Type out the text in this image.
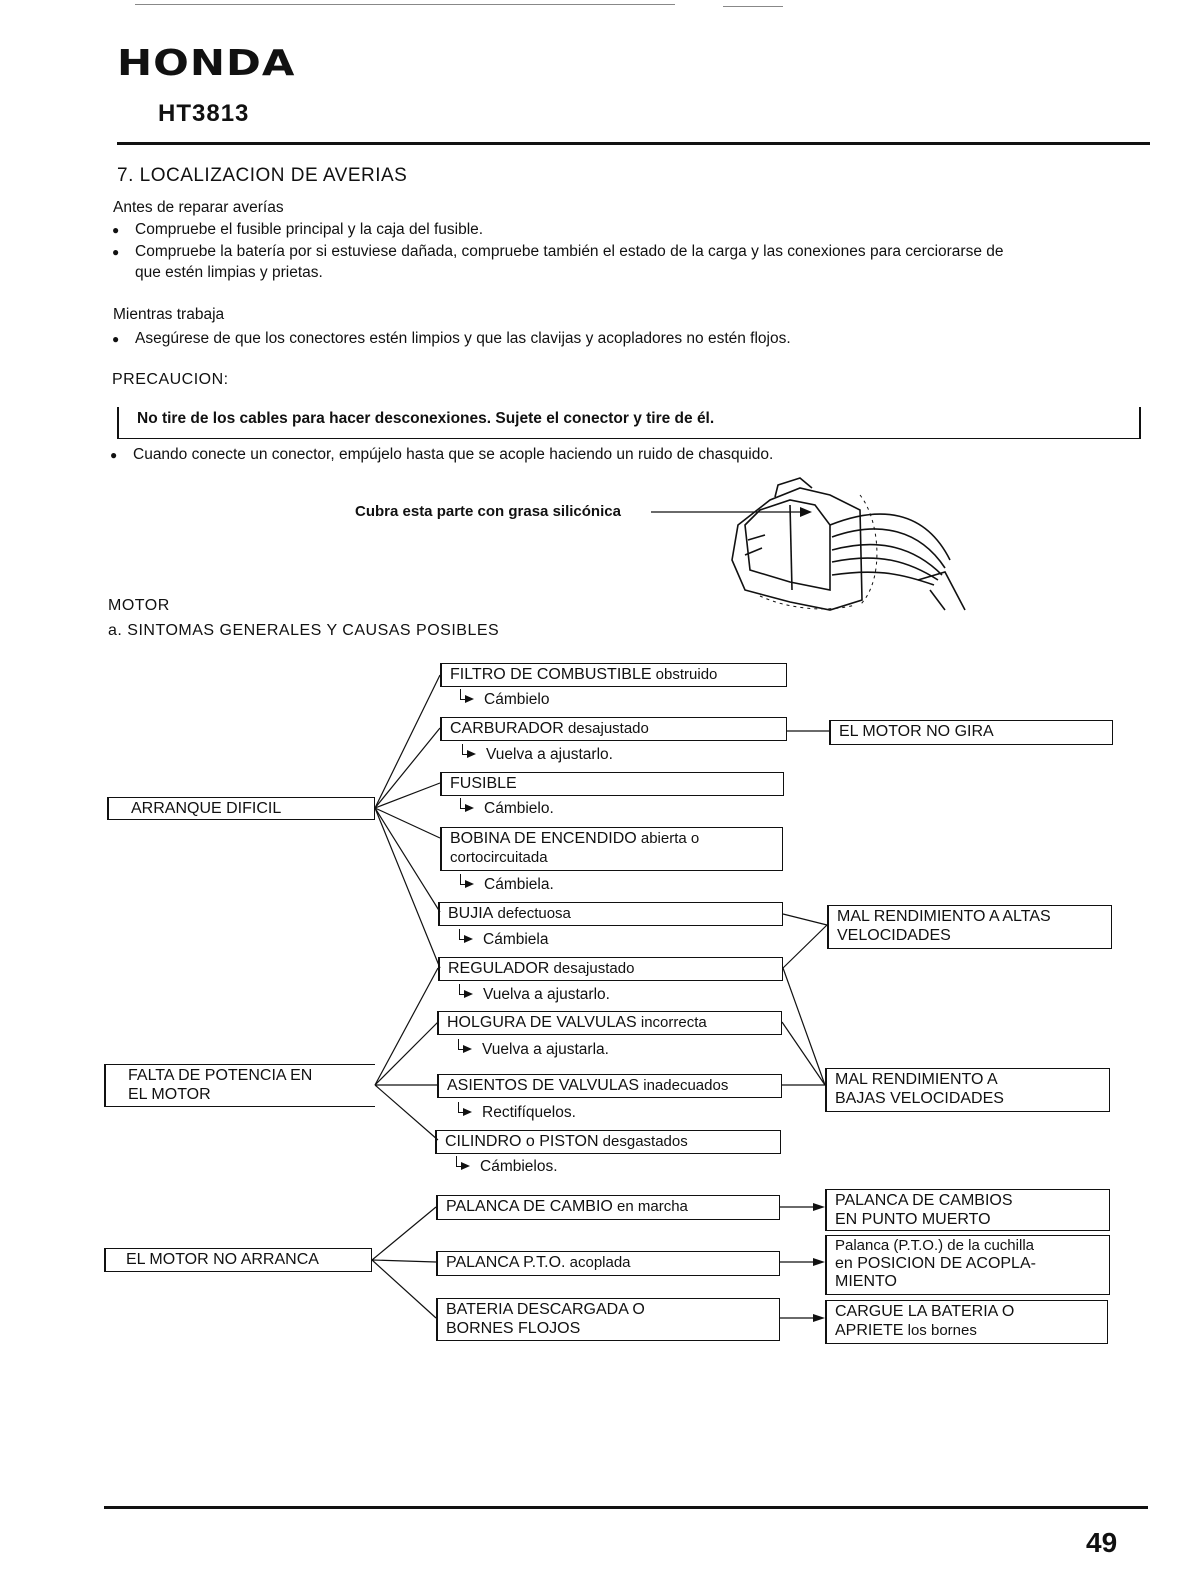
HONDA
HT3813
7. LOCALIZACION DE AVERIAS
Antes de reparar averías
● Compruebe el fusible principal y la caja del fusible.
● Compruebe la batería por si estuviese dañada, compruebe también el estado de la carga y las conexiones para cerciorarse de
que estén limpias y prietas.
Mientras trabaja
● Asegúrese de que los conectores estén limpios y que las clavijas y acopladores no estén flojos.
PRECAUCION:
No tire de los cables para hacer desconexiones. Sujete el conector y tire de él.
● Cuando conecte un conector, empújelo hasta que se acople haciendo un ruido de chasquido.
Cubra esta parte con grasa silicónica
MOTOR
a. SINTOMAS GENERALES Y CAUSAS POSIBLES
ARRANQUE DIFICIL
FALTA DE POTENCIA EN
EL MOTOR
EL MOTOR NO ARRANCA
FILTRO DE COMBUSTIBLE obstruido
Cámbielo
CARBURADOR desajustado
Vuelva a ajustarlo.
FUSIBLE
Cámbielo.
BOBINA DE ENCENDIDO abierta o
cortocircuitada
Cámbiela.
BUJIA defectuosa
Cámbiela
REGULADOR desajustado
Vuelva a ajustarlo.
HOLGURA DE VALVULAS incorrecta
Vuelva a ajustarla.
ASIENTOS DE VALVULAS inadecuados
Rectifíquelos.
CILINDRO o PISTON desgastados
Cámbielos.
PALANCA DE CAMBIO en marcha
PALANCA P.T.O. acoplada
BATERIA DESCARGADA O
BORNES FLOJOS
EL MOTOR NO GIRA
MAL RENDIMIENTO A ALTAS
VELOCIDADES
MAL RENDIMIENTO A
BAJAS VELOCIDADES
PALANCA DE CAMBIOS
EN PUNTO MUERTO
Palanca (P.T.O.) de la cuchilla
en POSICION DE ACOPLA-
MIENTO
CARGUE LA BATERIA O
APRIETE los bornes
49
